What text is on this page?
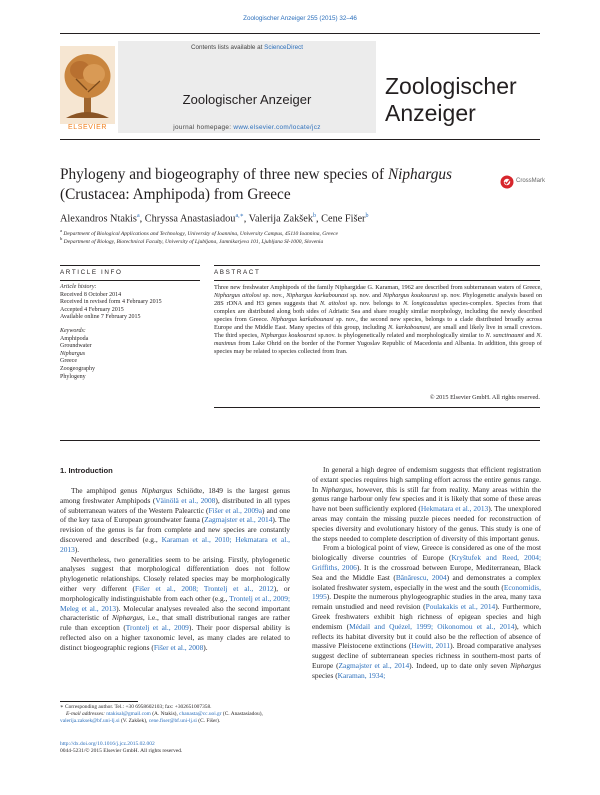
Zoologischer Anzeiger 255 (2015) 32–46
ELSEVIER
Contents lists available at ScienceDirect
Zoologischer Anzeiger
journal homepage: www.elsevier.com/locate/jcz
Zoologischer
Anzeiger
Phylogeny and biogeography of three new species of Niphargus
(Crustacea: Amphipoda) from Greece
CrossMark
Alexandros Ntakis$^a$, Chryssa Anastasiadou$^{a,∗}$, Valerija Zakšek$^b$, Cene Fišer$^b$
$^a$ Department of Biological Applications and Technology, University of Ioannina, University Campus, 45110 Ioannina, Greece
$^b$ Department of Biology, Biotechnical Faculty, University of Ljubljana, Jamnikarjeva 101, Ljubljana SI-1000, Slovenia
ARTICLE INFO	ABSTRACT
Article history:
Received 8 October 2014
Received in revised form 4 February 2015
Accepted 4 February 2015
Available online 7 February 2015
Keywords:
Amphipoda
Groundwater
Niphargus
Greece
Zoogeography
Phylogeny
Three new freshwater Amphipods of the family Niphargidae G. Karaman, 1962 are described from subterranean waters of Greece, Niphargus aitolosi sp. nov., Niphargus karkabounasi sp. nov. and Niphargus koukourasi sp. nov. Phylogenetic analysis based on 28S rDNA and H3 genes suggests that N. aitolosi sp. nov. belongs to N. longicaudatus species-complex. Species from that complex are distributed along both sides of Adriatic Sea and share roughly similar morphology, including the newly described species from Greece. Niphargus karkabounasi sp. nov., the second new species, belongs to a clade distributed broadly across Europe and the Middle East. Many species of this group, including N. karkabounasi, are small and likely live in small crevices. The third species, Niphargus koukourasi sp.nov. is phylogenetically related and morphologically similar to N. sanctinaumi and N. maximus from Lake Ohrid on the border of the Former Yugoslav Republic of Macedonia and Albania. In addition, this group of species may be related to species collected from Iran.
© 2015 Elsevier GmbH. All rights reserved.
1. Introduction

The amphipod genus Niphargus Schiödte, 1849 is the largest genus among freshwater Amphipods (Väinölä et al., 2008), distributed in all types of subterranean waters of the Western Palearctic (Fišer et al., 2009a) and one of the key taxa of European groundwater fauna (Zagmajster et al., 2014). The revision of the genus is far from complete and new species are constantly discovered and described (e.g., Karaman et al., 2010; Hekmatara et al., 2013).

Nevertheless, two generalities seem to be arising. Firstly, phylogenetic analyses suggest that morphological differentiation does not follow phylogenetic relationships. Closely related species may be morphologically either very different (Fišer et al., 2008; Trontelj et al., 2012), or morphologically indistinguishable from each other (e.g., Trontelj et al., 2009; Meleg et al., 2013). Molecular analyses revealed also the second important characteristic of Niphargus, i.e., that small distributional ranges are rather rule than exception (Trontelj et al., 2009). Their poor dispersal ability is reflected also on a higher taxonomic level, as many clades are related to distinct biogeographic regions (Fišer et al., 2008).

In general a high degree of endemism suggests that efficient registration of extant species requires high sampling effort across the entire genus range. In Niphargus, however, this is still far from reality. Many areas within the genus range harbour only few species and it is likely that some of these areas have not been sufficiently explored (Hekmatara et al., 2013). The unexplored areas may contain the missing puzzle pieces needed for reconstruction of species diversity and evolutionary history of the genus. This study is one of the steps needed to complete description of diversity of this important genus.

From a biological point of view, Greece is considered as one of the most biologically diverse countries of Europe (Kryštufek and Reed, 2004; Griffiths, 2006). It is the crossroad between Europe, Mediterranean, Black Sea and the Middle East (Bănărescu, 2004) and demonstrates a complex isolated freshwater system, especially in the west and the south (Economidis, 1995). Despite the numerous phylogeographic studies in the area, many taxa remain unstudied and need revision (Poulakakis et al., 2014). Furthermore, Greek freshwaters exhibit high richness of epigean species and high endemism (Médail and Quézel, 1999; Oikonomou et al., 2014), which reflects its habitat diversity but it could also be the reflection of absence of massive Pleistocene extinctions (Hewitt, 2011). Broad comparative analyses suggest decline of subterranean species richness in southern-most parts of Europe (Zagmajster et al., 2014). Indeed, up to date only seven Niphargus species (Karaman, 1934;

∗ Corresponding author. Tel.: +30 6958602103; fax: +302651007358.
E-mail addresses: ntakisal@gmail.com (A. Ntakis), chanasta@cc.uoi.gr (C. Anastasiadou), valerija.zaksek@bf.uni-lj.si (V. Zakšek), cene.fiser@bf.uni-lj.si (C. Fišer).
http://dx.doi.org/10.1016/j.jcz.2015.02.002
0044-5231/© 2015 Elsevier GmbH. All rights reserved.
